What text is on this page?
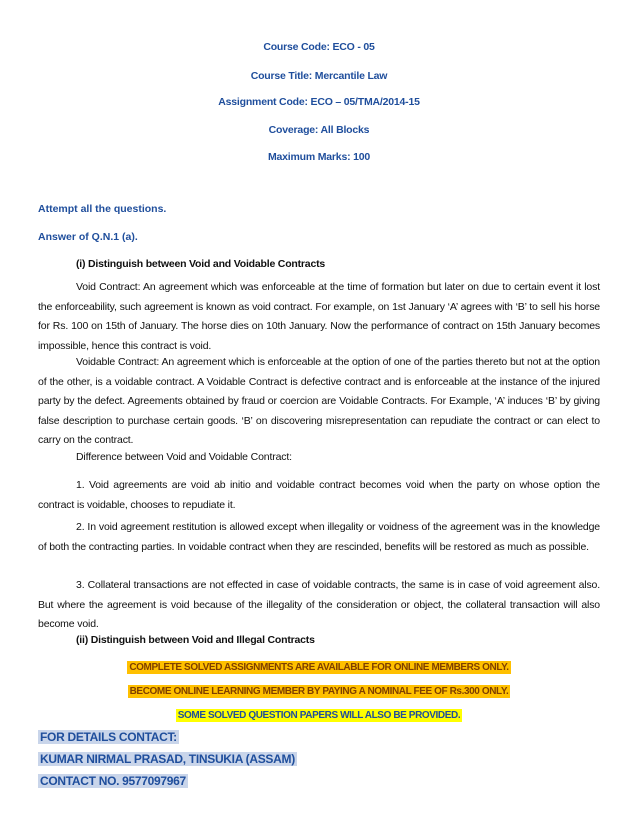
Course Code: ECO - 05
Course Title: Mercantile Law
Assignment Code: ECO – 05/TMA/2014-15
Coverage: All Blocks
Maximum Marks: 100
Attempt all the questions.
Answer of Q.N.1 (a).
(i) Distinguish between Void and Voidable Contracts
Void Contract: An agreement which was enforceable at the time of formation but later on due to certain event it lost the enforceability, such agreement is known as void contract. For example, on 1st January ‘A’ agrees with ‘B’ to sell his horse for Rs. 100 on 15th of January. The horse dies on 10th January. Now the performance of contract on 15th January becomes impossible, hence this contract is void.
Voidable Contract: An agreement which is enforceable at the option of one of the parties thereto but not at the option of the other, is a voidable contract. A Voidable Contract is defective contract and is enforceable at the instance of the injured party by the defect. Agreements obtained by fraud or coercion are Voidable Contracts. For Example, ‘A’ induces ‘B’ by giving false description to purchase certain goods. ‘B’ on discovering misrepresentation can repudiate the contract or can elect to carry on the contract.
Difference between Void and Voidable Contract:
1. Void agreements are void ab initio and voidable contract becomes void when the party on whose option the contract is voidable, chooses to repudiate it.
2. In void agreement restitution is allowed except when illegality or voidness of the agreement was in the knowledge of both the contracting parties. In voidable contract when they are rescinded, benefits will be restored as much as possible.
3. Collateral transactions are not effected in case of voidable contracts, the same is in case of void agreement also. But where the agreement is void because of the illegality of the consideration or object, the collateral transaction will also become void.
(ii) Distinguish between Void and Illegal Contracts
COMPLETE SOLVED ASSIGNMENTS ARE AVAILABLE FOR ONLINE MEMBERS ONLY.
BECOME ONLINE LEARNING MEMBER BY PAYING A NOMINAL FEE OF Rs.300 ONLY.
SOME SOLVED QUESTION PAPERS WILL ALSO BE PROVIDED.
FOR DETAILS CONTACT:
KUMAR NIRMAL PRASAD, TINSUKIA (ASSAM)
CONTACT NO. 9577097967
